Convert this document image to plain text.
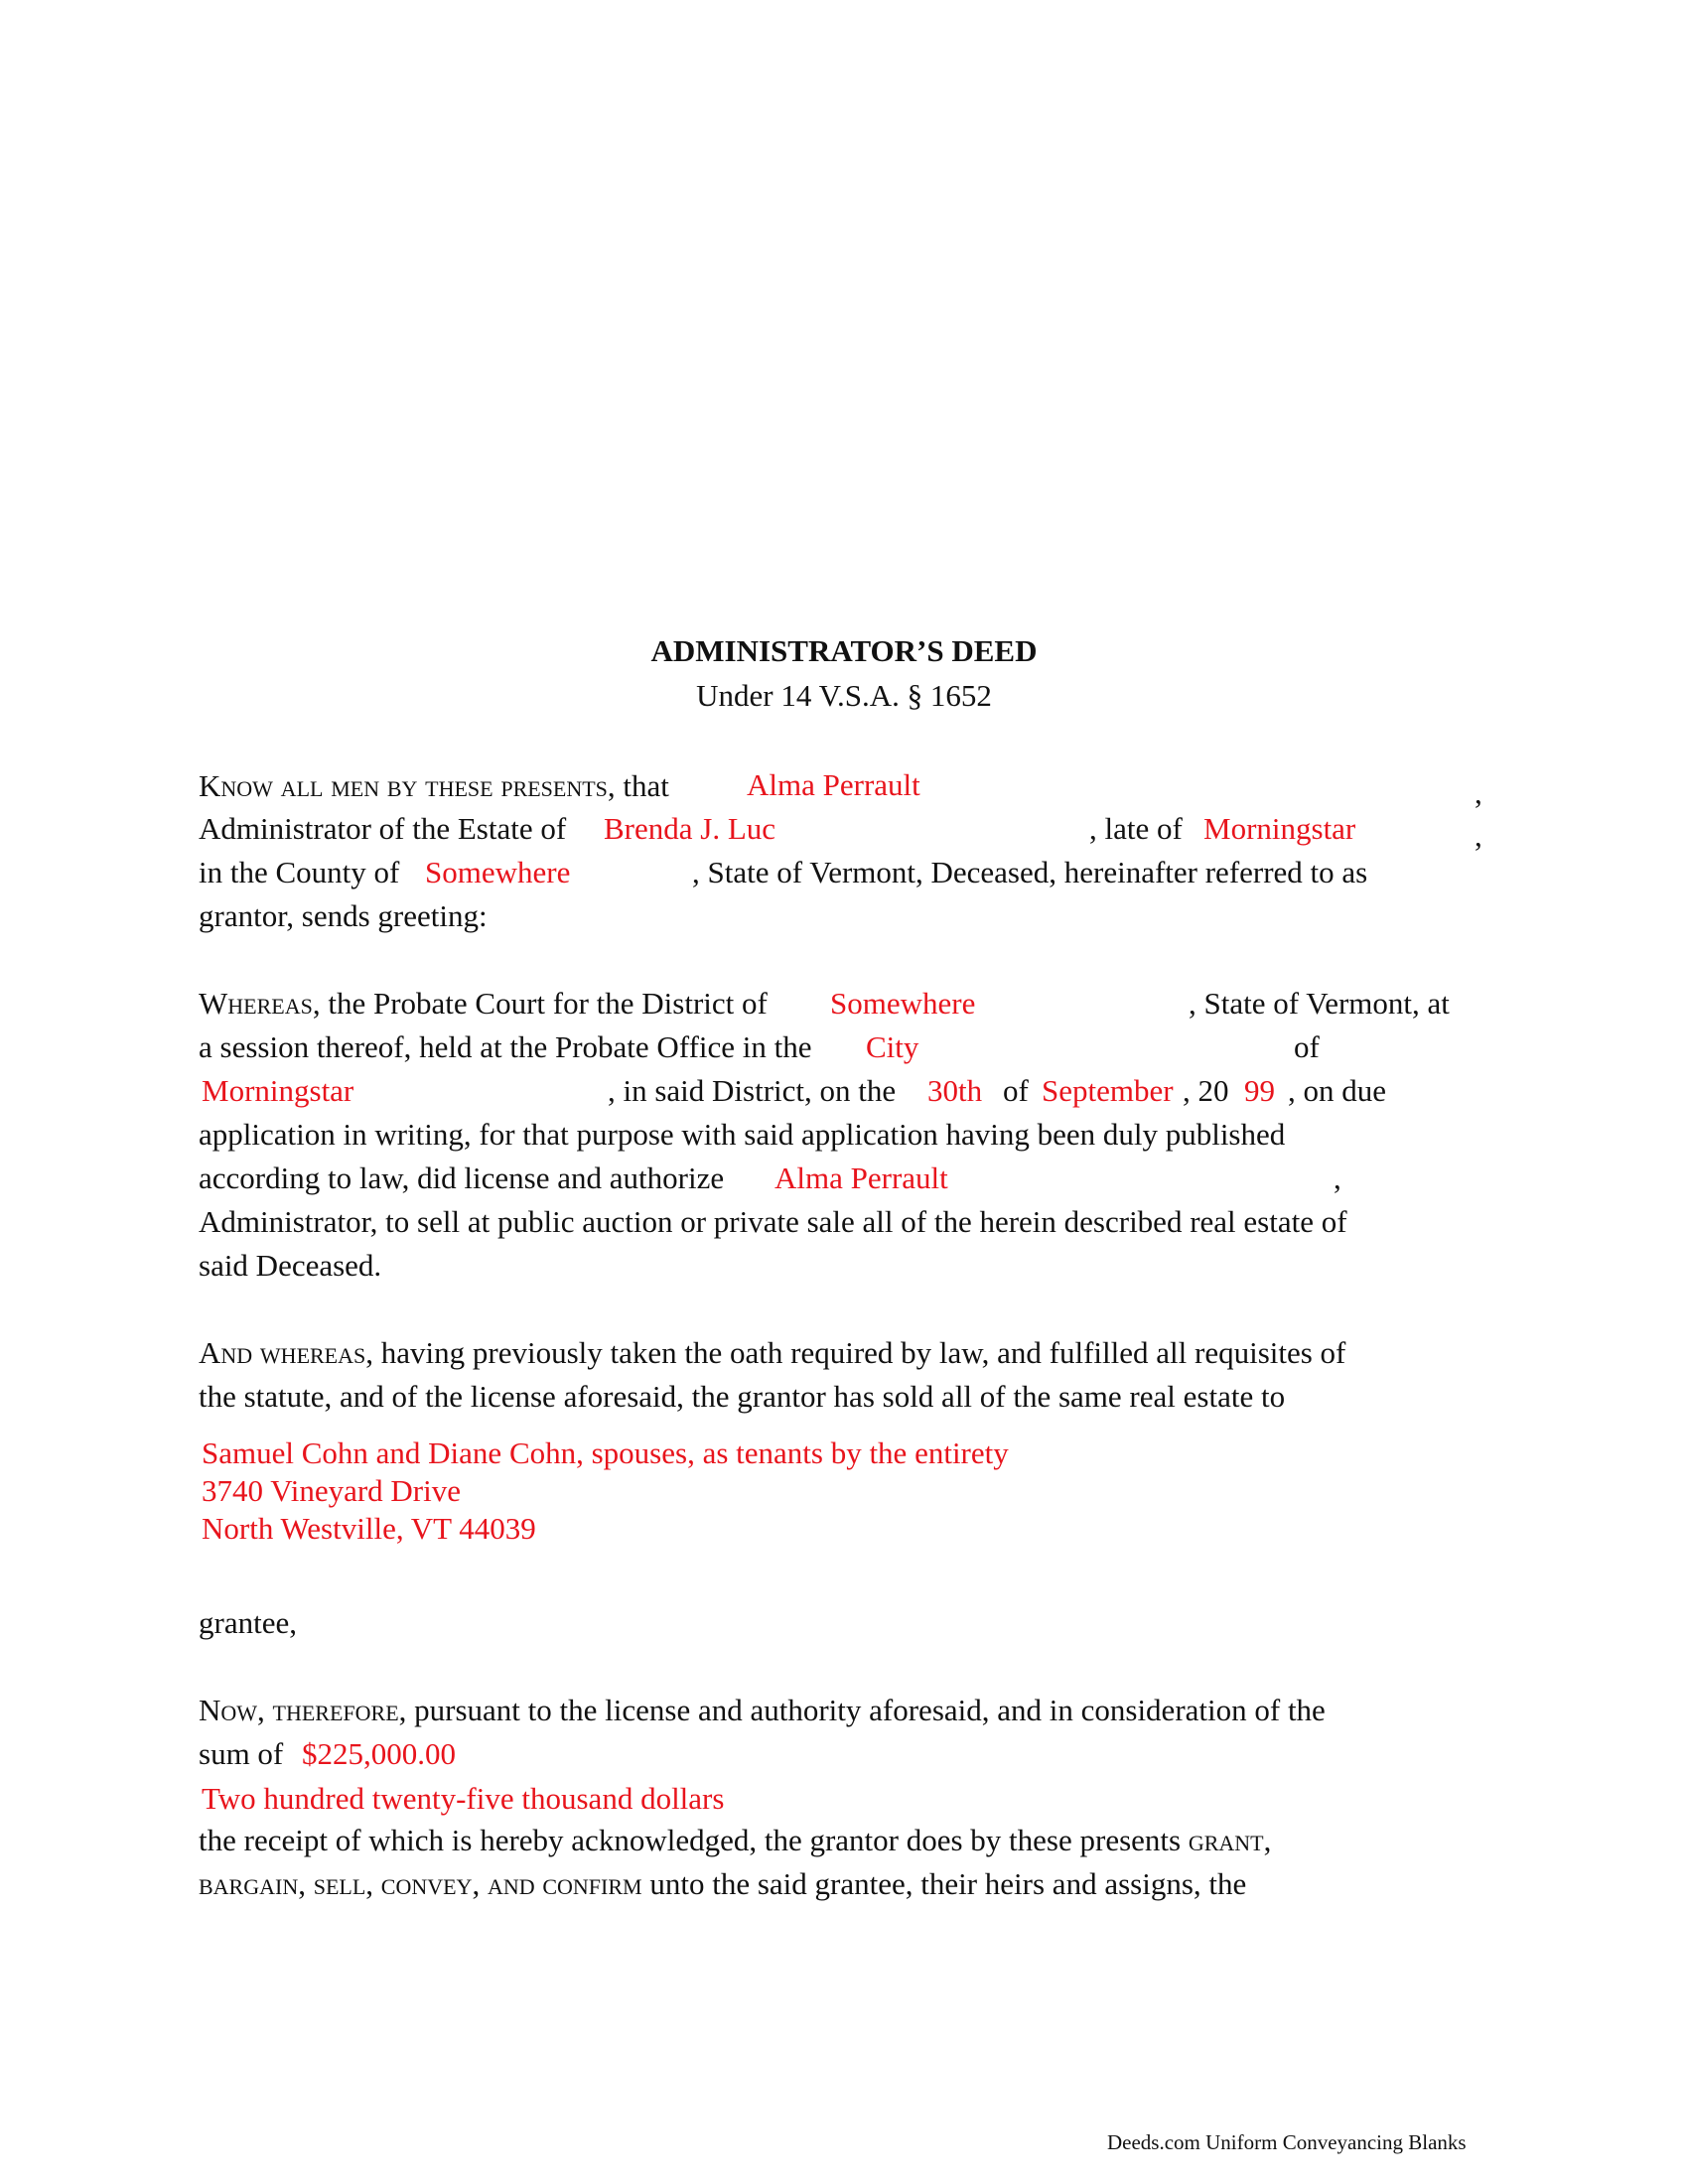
ADMINISTRATOR’S DEED
Under 14 V.S.A. § 1652
Know all men by these presents, that	Alma Perrault	,
Administrator of the Estate of Brenda J. Luc	, late of Morningstar	,
in the County of Somewhere	, State of Vermont, Deceased, hereinafter referred to as
grantor, sends greeting:
Whereas, the Probate Court for the District of Somewhere	, State of Vermont, at
a session thereof, held at the Probate Office in the City	of
Morningstar	, in said District, on the 30th of September , 20 99 , on due
application in writing, for that purpose with said application having been duly published
according to law, did license and authorize Alma Perrault	,
Administrator, to sell at public auction or private sale all of the herein described real estate of
said Deceased.
And whereas, having previously taken the oath required by law, and fulfilled all requisites of
the statute, and of the license aforesaid, the grantor has sold all of the same real estate to
Samuel Cohn and Diane Cohn, spouses, as tenants by the entirety
3740 Vineyard Drive
North Westville, VT 44039
grantee,
Now, therefore, pursuant to the license and authority aforesaid, and in consideration of the
sum of $225,000.00
Two hundred twenty-five thousand dollars
the receipt of which is hereby acknowledged, the grantor does by these presents grant,
bargain, sell, convey, and confirm unto the said grantee, their heirs and assigns, the
Deeds.com Uniform Conveyancing Blanks
